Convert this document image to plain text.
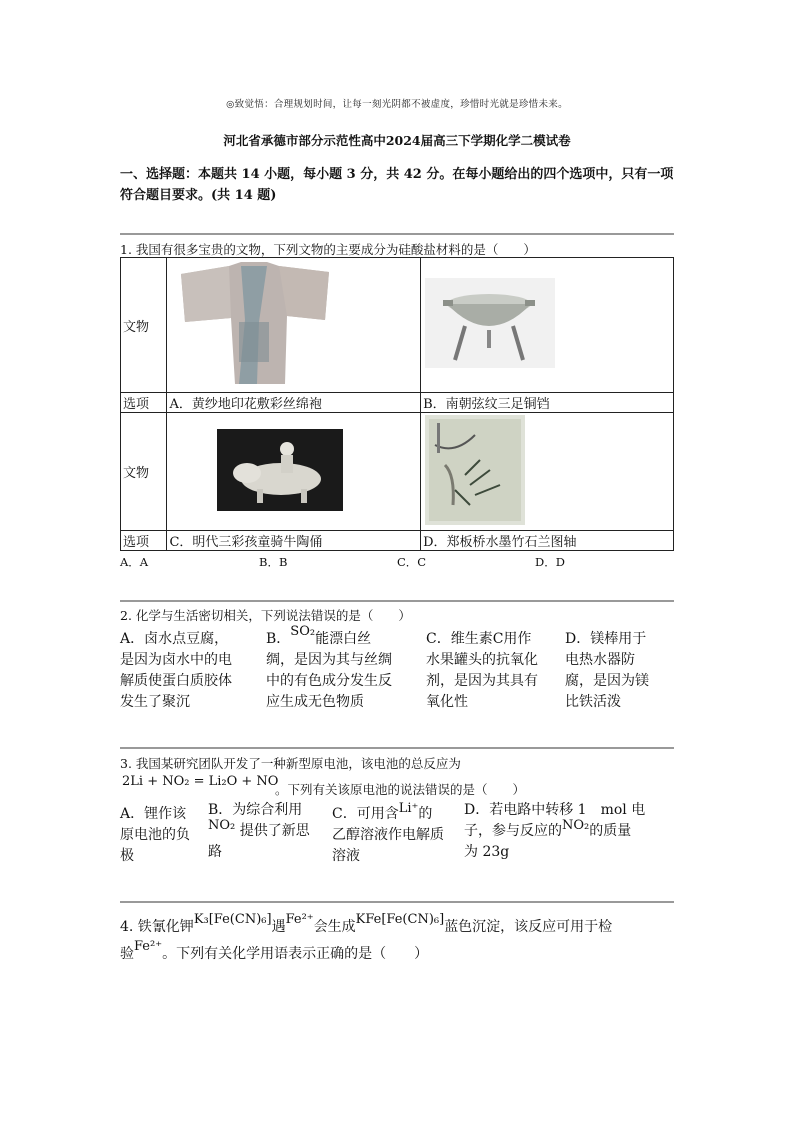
◎致觉悟：合理规划时间，让每一刻光阴都不被虚度，珍惜时光就是珍惜未来。
河北省承德市部分示范性高中2024届高三下学期化学二模试卷
一、选择题：本题共 14 小题，每小题 3 分，共 42 分。在每小题给出的四个选项中，只有一项符合题目要求。(共 14 题)
1. 我国有很多宝贵的文物，下列文物的主要成分为硅酸盐材料的是（　　）
文物		
选项	A．黄纱地印花敷彩丝绵袍	B．南朝弦纹三足铜铛
文物		
选项	C．明代三彩孩童骑牛陶俑	D．郑板桥水墨竹石兰图轴
A．A	B．B	C．C	D．D
2. 化学与生活密切相关，下列说法错误的是（　　）
A．卤水点豆腐，
是因为卤水中的电
解质使蛋白质胶体
发生了聚沉
B．SO₂能漂白丝
绸，是因为其与丝绸
中的有色成分发生反
应生成无色物质
C．维生素C用作
水果罐头的抗氧化
剂，是因为其具有
氧化性
D．镁棒用于
电热水器防
腐，是因为镁
比铁活泼
3. 我国某研究团队开发了一种新型原电池，该电池的总反应为
2Li + NO₂ = Li₂O + NO
。下列有关该原电池的说法错误的是（　　）
A．锂作该
原电池的负
极
B．为综合利用
NO₂ 提供了新思
路
C．可用含Li⁺的
乙醇溶液作电解质
溶液
D．若电路中转移 1　mol 电
子，参与反应的NO₂的质量
为 23g
4. 铁氰化钾K₃[Fe(CN)₆]遇Fe²⁺会生成KFe[Fe(CN)₆]蓝色沉淀，该反应可用于检
验Fe²⁺。下列有关化学用语表示正确的是（　　）
